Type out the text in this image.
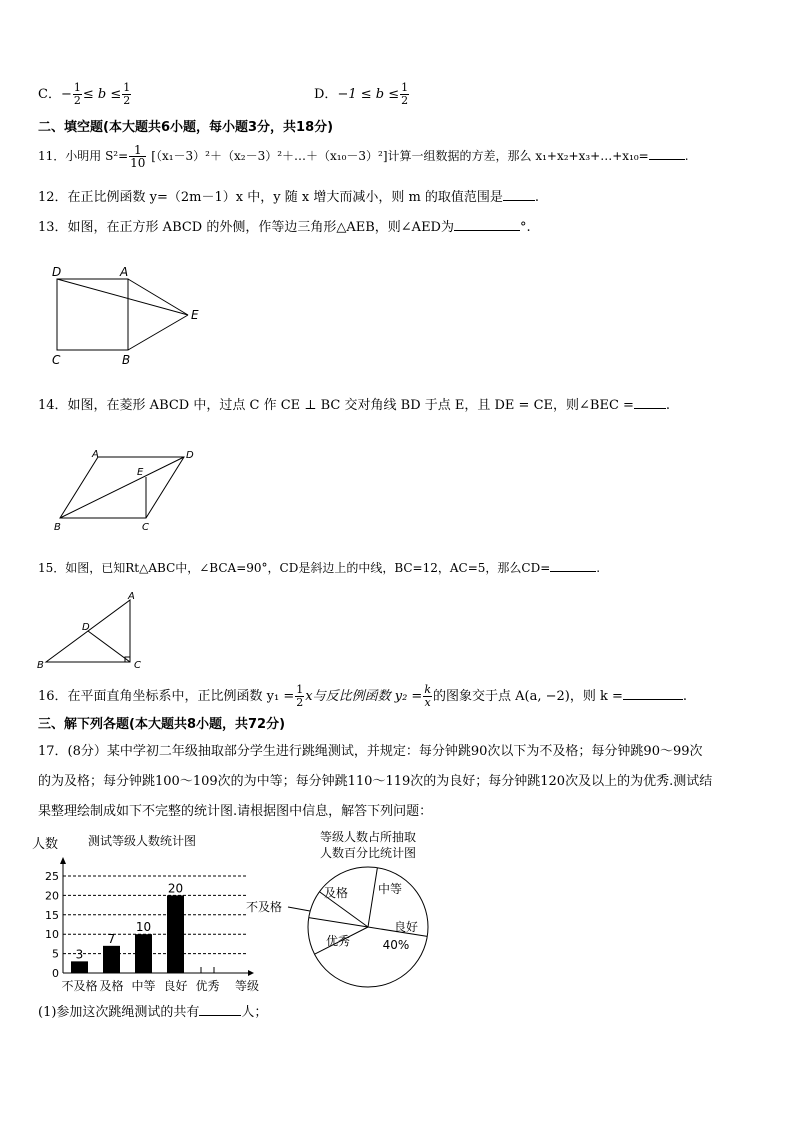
C．− $\frac{1}{2} \le b \le \frac{1}{2}$	D．$-1 \le b \le \frac{1}{2}$
二、填空题(本大题共6小题，每小题3分，共18分)
11．小明用 $S^2= \frac{1}{10}$ [（x₁－3）²＋（x₂－3）²＋…＋（x₁₀－3）²]计算一组数据的方差，那么 x₁+x₂+x₃+…+x₁₀=	.
12．在正比例函数 y=（2m－1）x 中，y 随 x 增大而减小，则 m 的取值范围是 .
13．如图，在正方形 ABCD 的外侧，作等边三角形△AEB，则∠AED为	°.
D	A
E
C	B
14．如图，在菱形 ABCD 中，过点 C 作 CE ⊥ BC 交对角线 BD 于点 E，且 DE = CE，则∠BEC = .
A	D
E
B	C
15．如图，已知Rt△ABC中，∠BCA=90°，CD是斜边上的中线，BC=12，AC=5，那么CD=	.
A
D
B	C
16．在平面直角坐标系中，正比例函数 $y_1 = \frac{1}{2}$ x与反比例函数 $y_2 = \frac{k}{x}$ 的图象交于点 A(a, −2)，则 k =	.
三、解下列各题(本大题共8小题，共72分)
17．(8分）某中学初二年级抽取部分学生进行跳绳测试，并规定：每分钟跳90次以下为不及格；每分钟跳90～99次
的为及格；每分钟跳100～109次的为中等；每分钟跳110～119次的为良好；每分钟跳120次及以上的为优秀.测试结
果整理绘制成如下不完整的统计图.请根据图中信息，解答下列问题：
人数 测试等级人数统计图
0
5
10
15
20
25
3
不及格
7
及格
10
中等
20
良好 优秀 等级
等级人数占所抽取
人数百分比统计图
不及格
及格 中等
良好
40%
优秀
(1)参加这次跳绳测试的共有	人；
